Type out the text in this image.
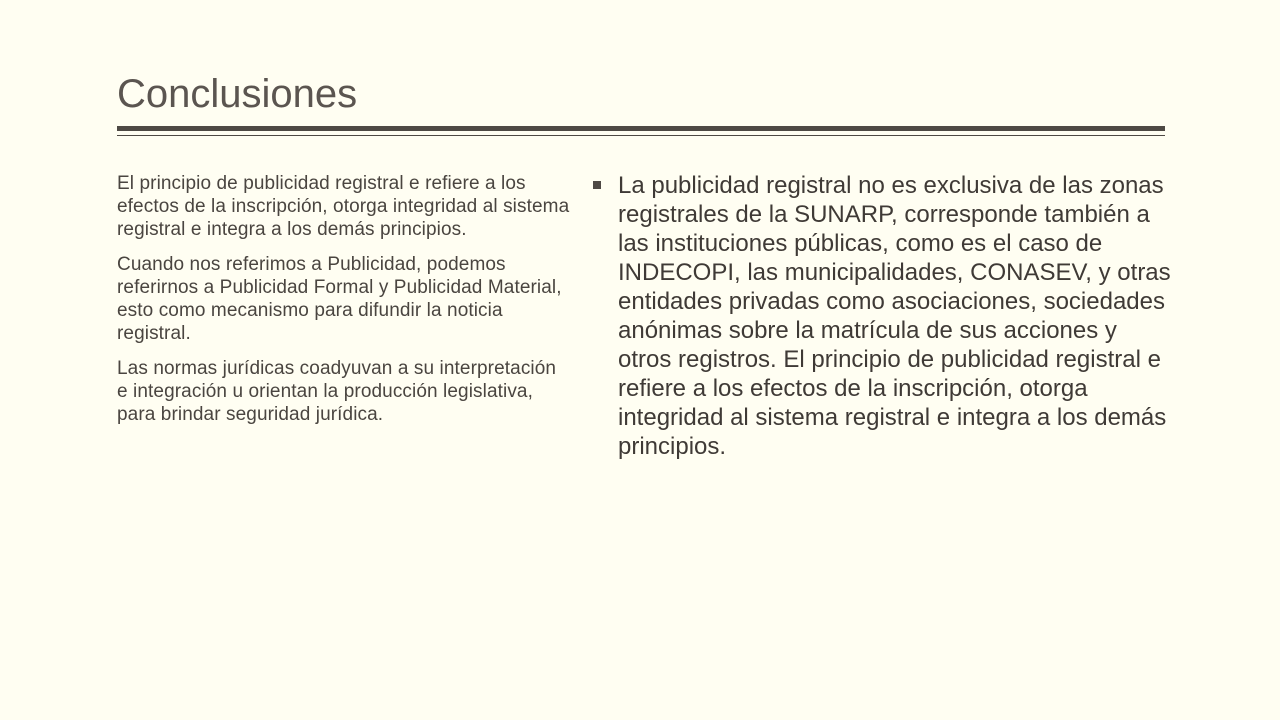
Conclusiones

El principio de publicidad registral e refiere a los efectos de la inscripción, otorga integridad al sistema registral e integra a los demás principios.

Cuando nos referimos a Publicidad, podemos referirnos a Publicidad Formal y Publicidad Material, esto como mecanismo para difundir la noticia registral.

Las normas jurídicas coadyuvan a su interpretación e integración u orientan la producción legislativa, para brindar seguridad jurídica.

La publicidad registral no es exclusiva de las zonas registrales de la SUNARP, corresponde también a las instituciones públicas, como es el caso de INDECOPI, las municipalidades, CONASEV, y otras entidades privadas como asociaciones, sociedades anónimas sobre la matrícula de sus acciones y otros registros. El principio de publicidad registral e refiere a los efectos de la inscripción, otorga integridad al sistema registral e integra a los demás principios.
